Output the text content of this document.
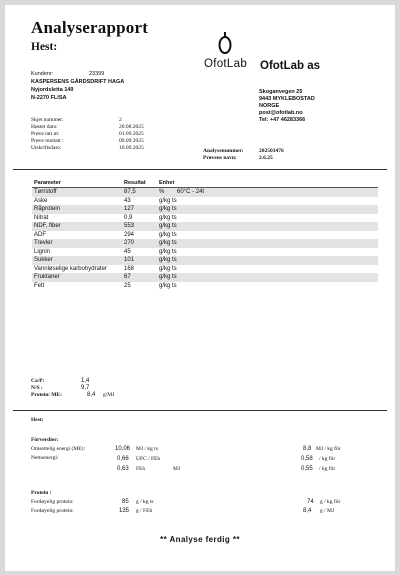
Analyserapport
Hest:
OfotLab OfotLab as
Kundenr:	23399
KASPERSENS GÅRDSDRIFT HAGA
Nyjordsletta 149
N-2270 FLISA
Skoganvegen 25
9443 MYKLEBOSTAD
NORGE
post@ofotlab.no
Tel: +47 46283366
Skjet nummer:	2
Høstet dato:	20.08.2025
Prøve tatt ut:	01.09.2025
Prøve mottatt :	09.09.2025
Utskriftsdato:	10.09.2025	Analysenummer:	202503476
Prøvens navn:	2.6.25
Parameter	Resultat Enhet
Tørrstoff	87,5	% 60°C - 24t
Aske	43	g/kg ts
Råprotein	127	g/kg ts
Nitrat	0,9	g/kg ts
NDF, fiber	553	g/kg ts
ADF	294	g/kg ts
Trevler	270	g/kg ts
Lignin	45	g/kg ts
Sukker	101	g/kg ts
Vannløselige karbohydrater	168	g/kg ts
Fruktaner	67	g/kg ts
Fett	25	g/kg ts
Ca/P:	1,4
N/S :	9,7
Protein/ ME:	8,4 g/MJ
Hest:
Fôrverdier:
Omsettelig energi (ME):	10,06 MJ / kg ts	8,8 MJ / kg fôr
Nettoenergi:	0,66 UFC / FEh	0,58 / kg fôr
0,63 FEh	MJ	0,55 / kg fôr
Protein :
Fordøyelig protein:	85 g / kg ts	74 g / kg fôr
Fordøyelig protein:	135 g / FEh	8,4 g / MJ
** Analyse ferdig **
